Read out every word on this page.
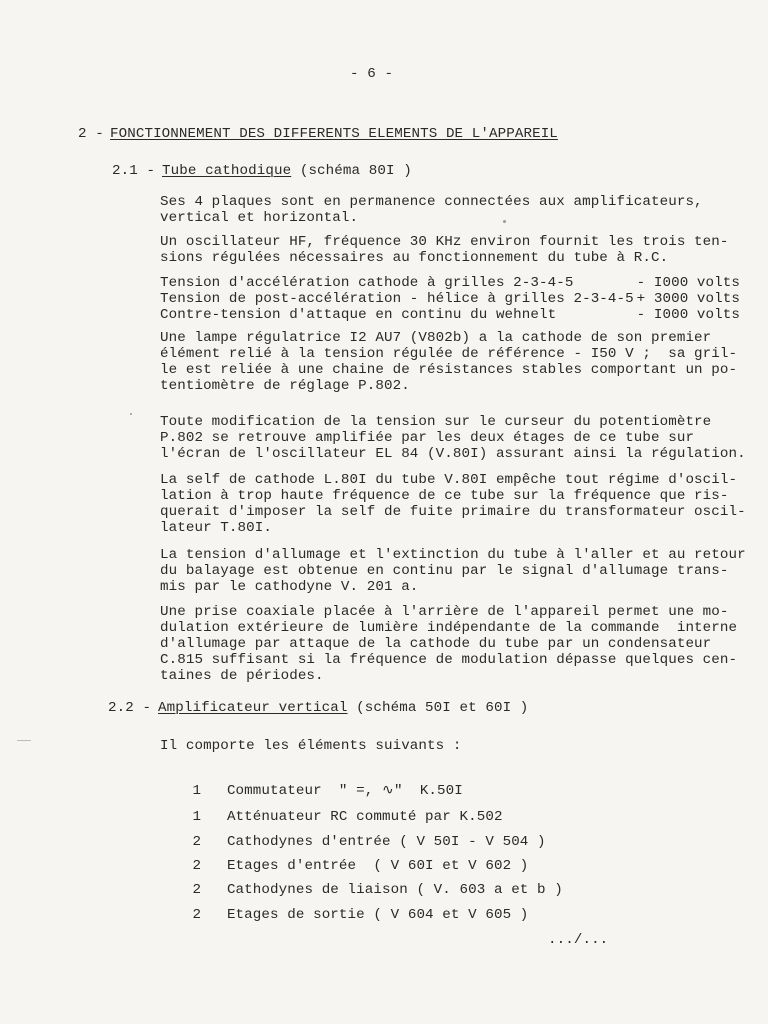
- 6 -
2 - FONCTIONNEMENT DES DIFFERENTS ELEMENTS DE L'APPAREIL
2.1 - Tube cathodique (schéma 80I )
Ses 4 plaques sont en permanence connectées aux amplificateurs,
vertical et horizontal.
Un oscillateur HF, fréquence 30 KHz environ fournit les trois ten-
sions régulées nécessaires au fonctionnement du tube à R.C.
Tension d'accélération cathode à grilles 2-3-4-5	- I000 volts
Tension de post-accélération - hélice à grilles 2-3-4-5 + 3000 volts
Contre-tension d'attaque en continu du wehnelt	- I000 volts
Une lampe régulatrice I2 AU7 (V802b) a la cathode de son premier
élément relié à la tension régulée de référence - I50 V ;  sa gril-
le est reliée à une chaine de résistances stables comportant un po-
tentiomètre de réglage P.802.
Toute modification de la tension sur le curseur du potentiomètre
P.802 se retrouve amplifiée par les deux étages de ce tube sur
l'écran de l'oscillateur EL 84 (V.80I) assurant ainsi la régulation.
La self de cathode L.80I du tube V.80I empêche tout régime d'oscil-
lation à trop haute fréquence de ce tube sur la fréquence que ris-
querait d'imposer la self de fuite primaire du transformateur oscil-
lateur T.80I.
La tension d'allumage et l'extinction du tube à l'aller et au retour
du balayage est obtenue en continu par le signal d'allumage trans-
mis par le cathodyne V. 201 a.
Une prise coaxiale placée à l'arrière de l'appareil permet une mo-
dulation extérieure de lumière indépendante de la commande  interne
d'allumage par attaque de la cathode du tube par un condensateur
C.815 suffisant si la fréquence de modulation dépasse quelques cen-
taines de périodes.
2.2 - Amplificateur vertical (schéma 50I et 60I )
Il comporte les éléments suivants :

1 Commutateur  " =, ∿"  K.50I

1 Atténuateur RC commuté par K.502

2 Cathodynes d'entrée ( V 50I - V 504 )

2 Etages d'entrée  ( V 60I et V 602 )

2 Cathodynes de liaison ( V. 603 a et b )

2 Etages de sortie ( V 604 et V 605 )

.../...
